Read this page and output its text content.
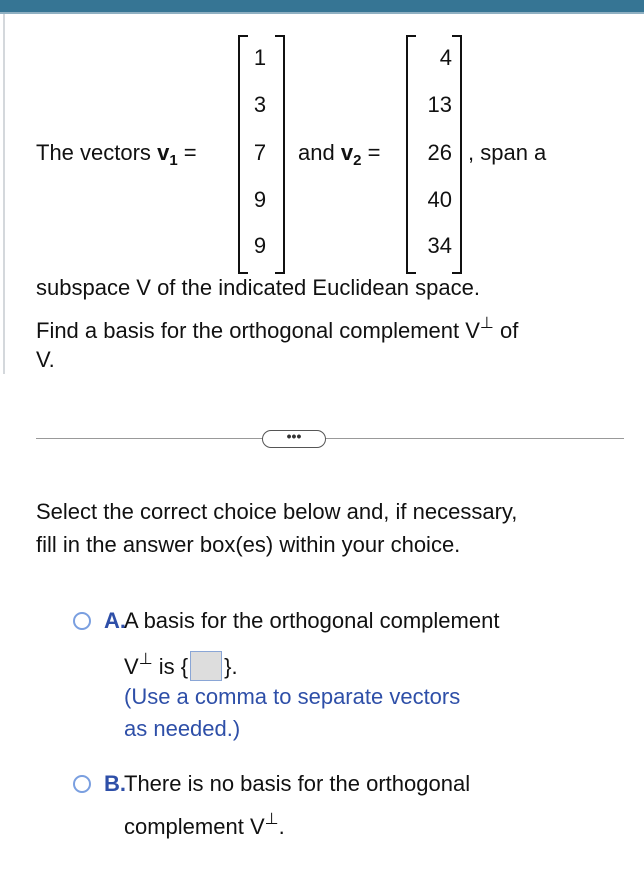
The vectors $v_1$ =
1
3
7
9
9
and $v_2$ =
4
13
26
40
34
, span a
subspace V of the indicated Euclidean space.
Find a basis for the orthogonal complement V⊥ of
V.
•••
Select the correct choice below and, if necessary,
fill in the answer box(es) within your choice.
A.
A basis for the orthogonal complement
V⊥ is { }.
(Use a comma to separate vectors
as needed.)
B.
There is no basis for the orthogonal
complement V⊥.
